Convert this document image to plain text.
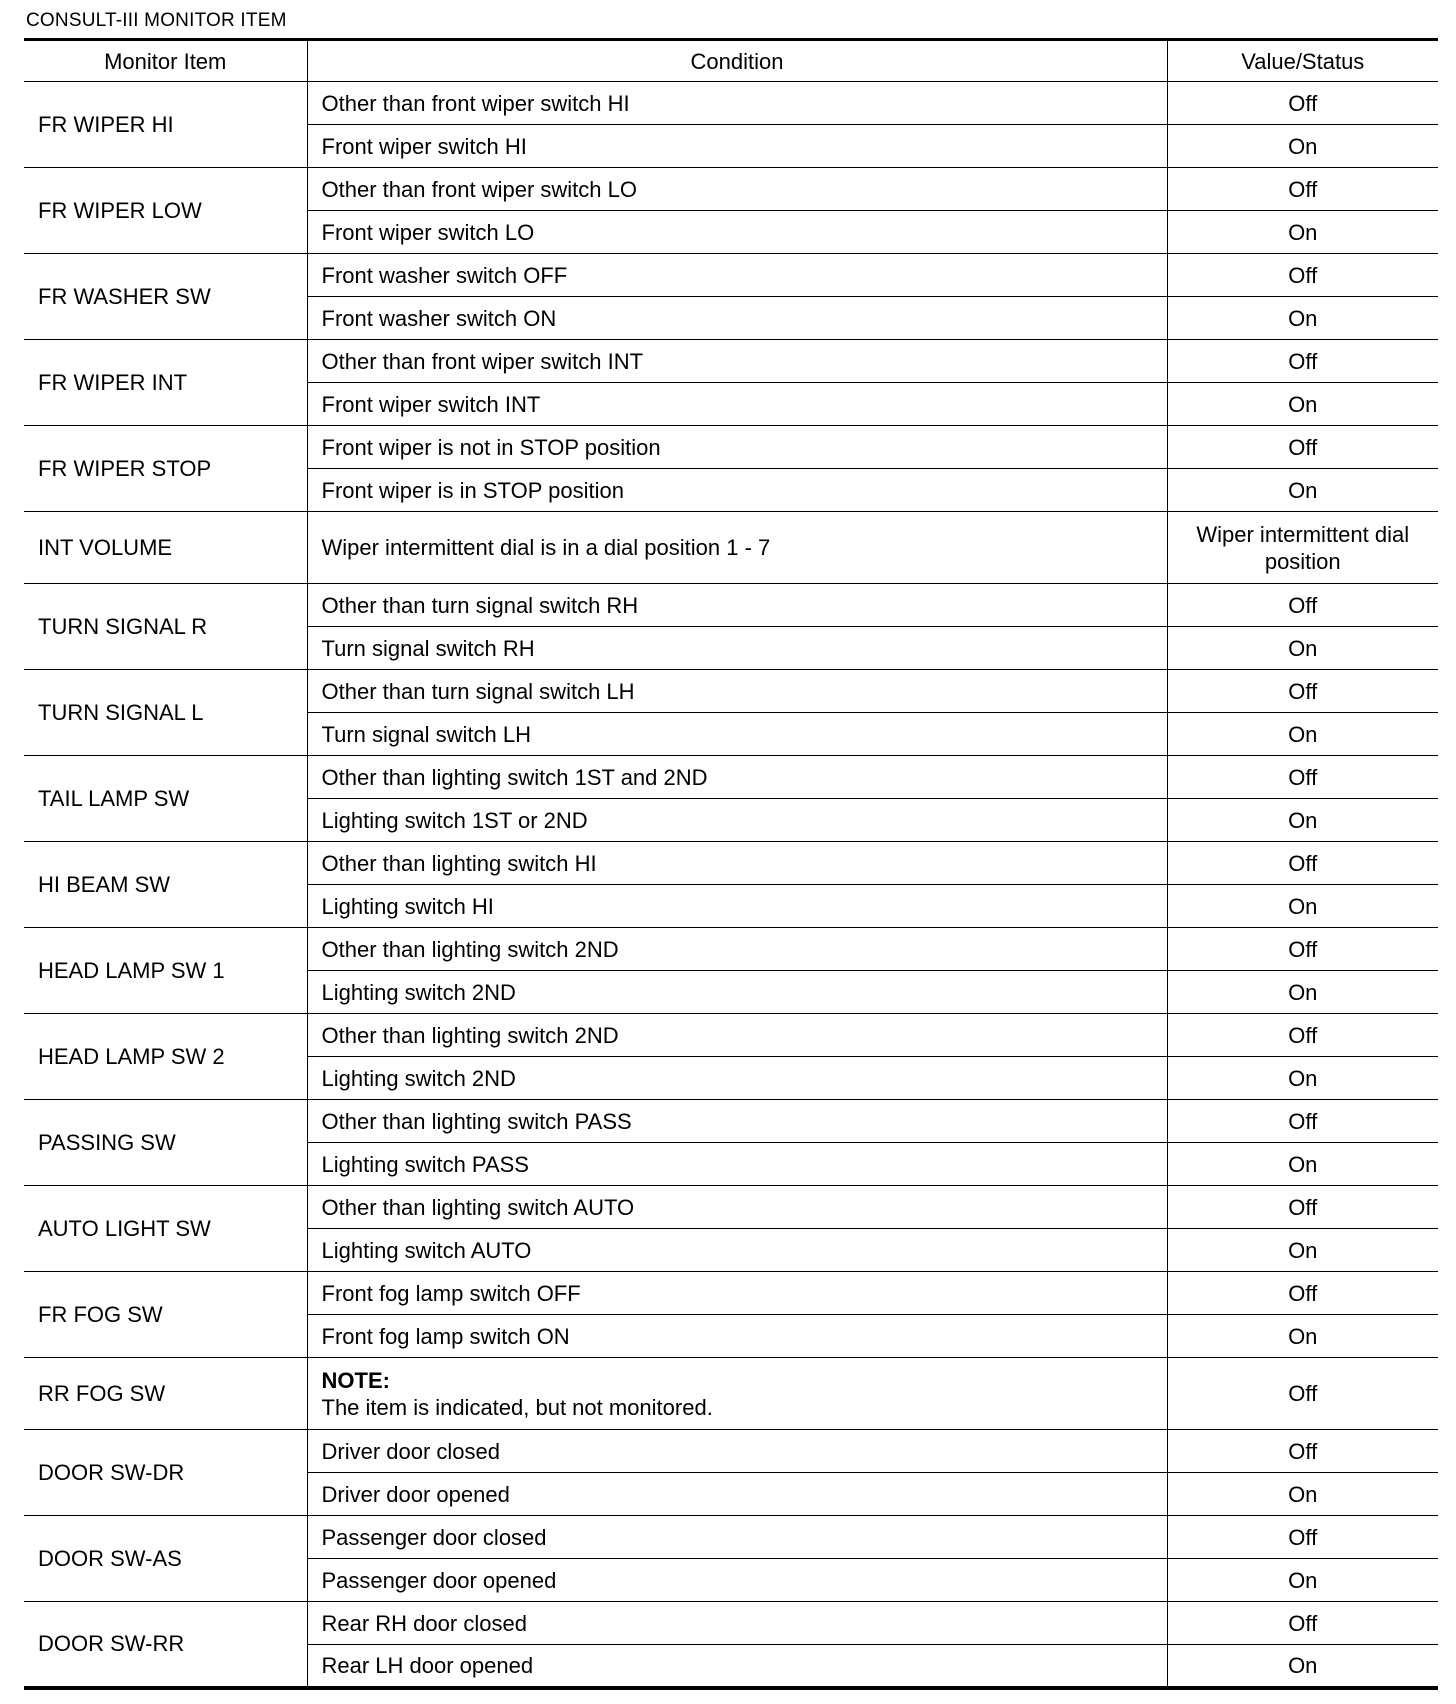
CONSULT-III MONITOR ITEM
Monitor Item	Condition	Value/Status
FR WIPER HI	Other than front wiper switch HI	Off
	Front wiper switch HI	On
FR WIPER LOW	Other than front wiper switch LO	Off
	Front wiper switch LO	On
FR WASHER SW	Front washer switch OFF	Off
	Front washer switch ON	On
FR WIPER INT	Other than front wiper switch INT	Off
	Front wiper switch INT	On
FR WIPER STOP	Front wiper is not in STOP position	Off
	Front wiper is in STOP position	On
INT VOLUME	Wiper intermittent dial is in a dial position 1 - 7	Wiper intermittent dial position
TURN SIGNAL R	Other than turn signal switch RH	Off
	Turn signal switch RH	On
TURN SIGNAL L	Other than turn signal switch LH	Off
	Turn signal switch LH	On
TAIL LAMP SW	Other than lighting switch 1ST and 2ND	Off
	Lighting switch 1ST or 2ND	On
HI BEAM SW	Other than lighting switch HI	Off
	Lighting switch HI	On
HEAD LAMP SW 1	Other than lighting switch 2ND	Off
	Lighting switch 2ND	On
HEAD LAMP SW 2	Other than lighting switch 2ND	Off
	Lighting switch 2ND	On
PASSING SW	Other than lighting switch PASS	Off
	Lighting switch PASS	On
AUTO LIGHT SW	Other than lighting switch AUTO	Off
	Lighting switch AUTO	On
FR FOG SW	Front fog lamp switch OFF	Off
	Front fog lamp switch ON	On
RR FOG SW	NOTE:
The item is indicated, but not monitored.	Off
DOOR SW-DR	Driver door closed	Off
	Driver door opened	On
DOOR SW-AS	Passenger door closed	Off
	Passenger door opened	On
DOOR SW-RR	Rear RH door closed	Off
	Rear LH door opened	On
